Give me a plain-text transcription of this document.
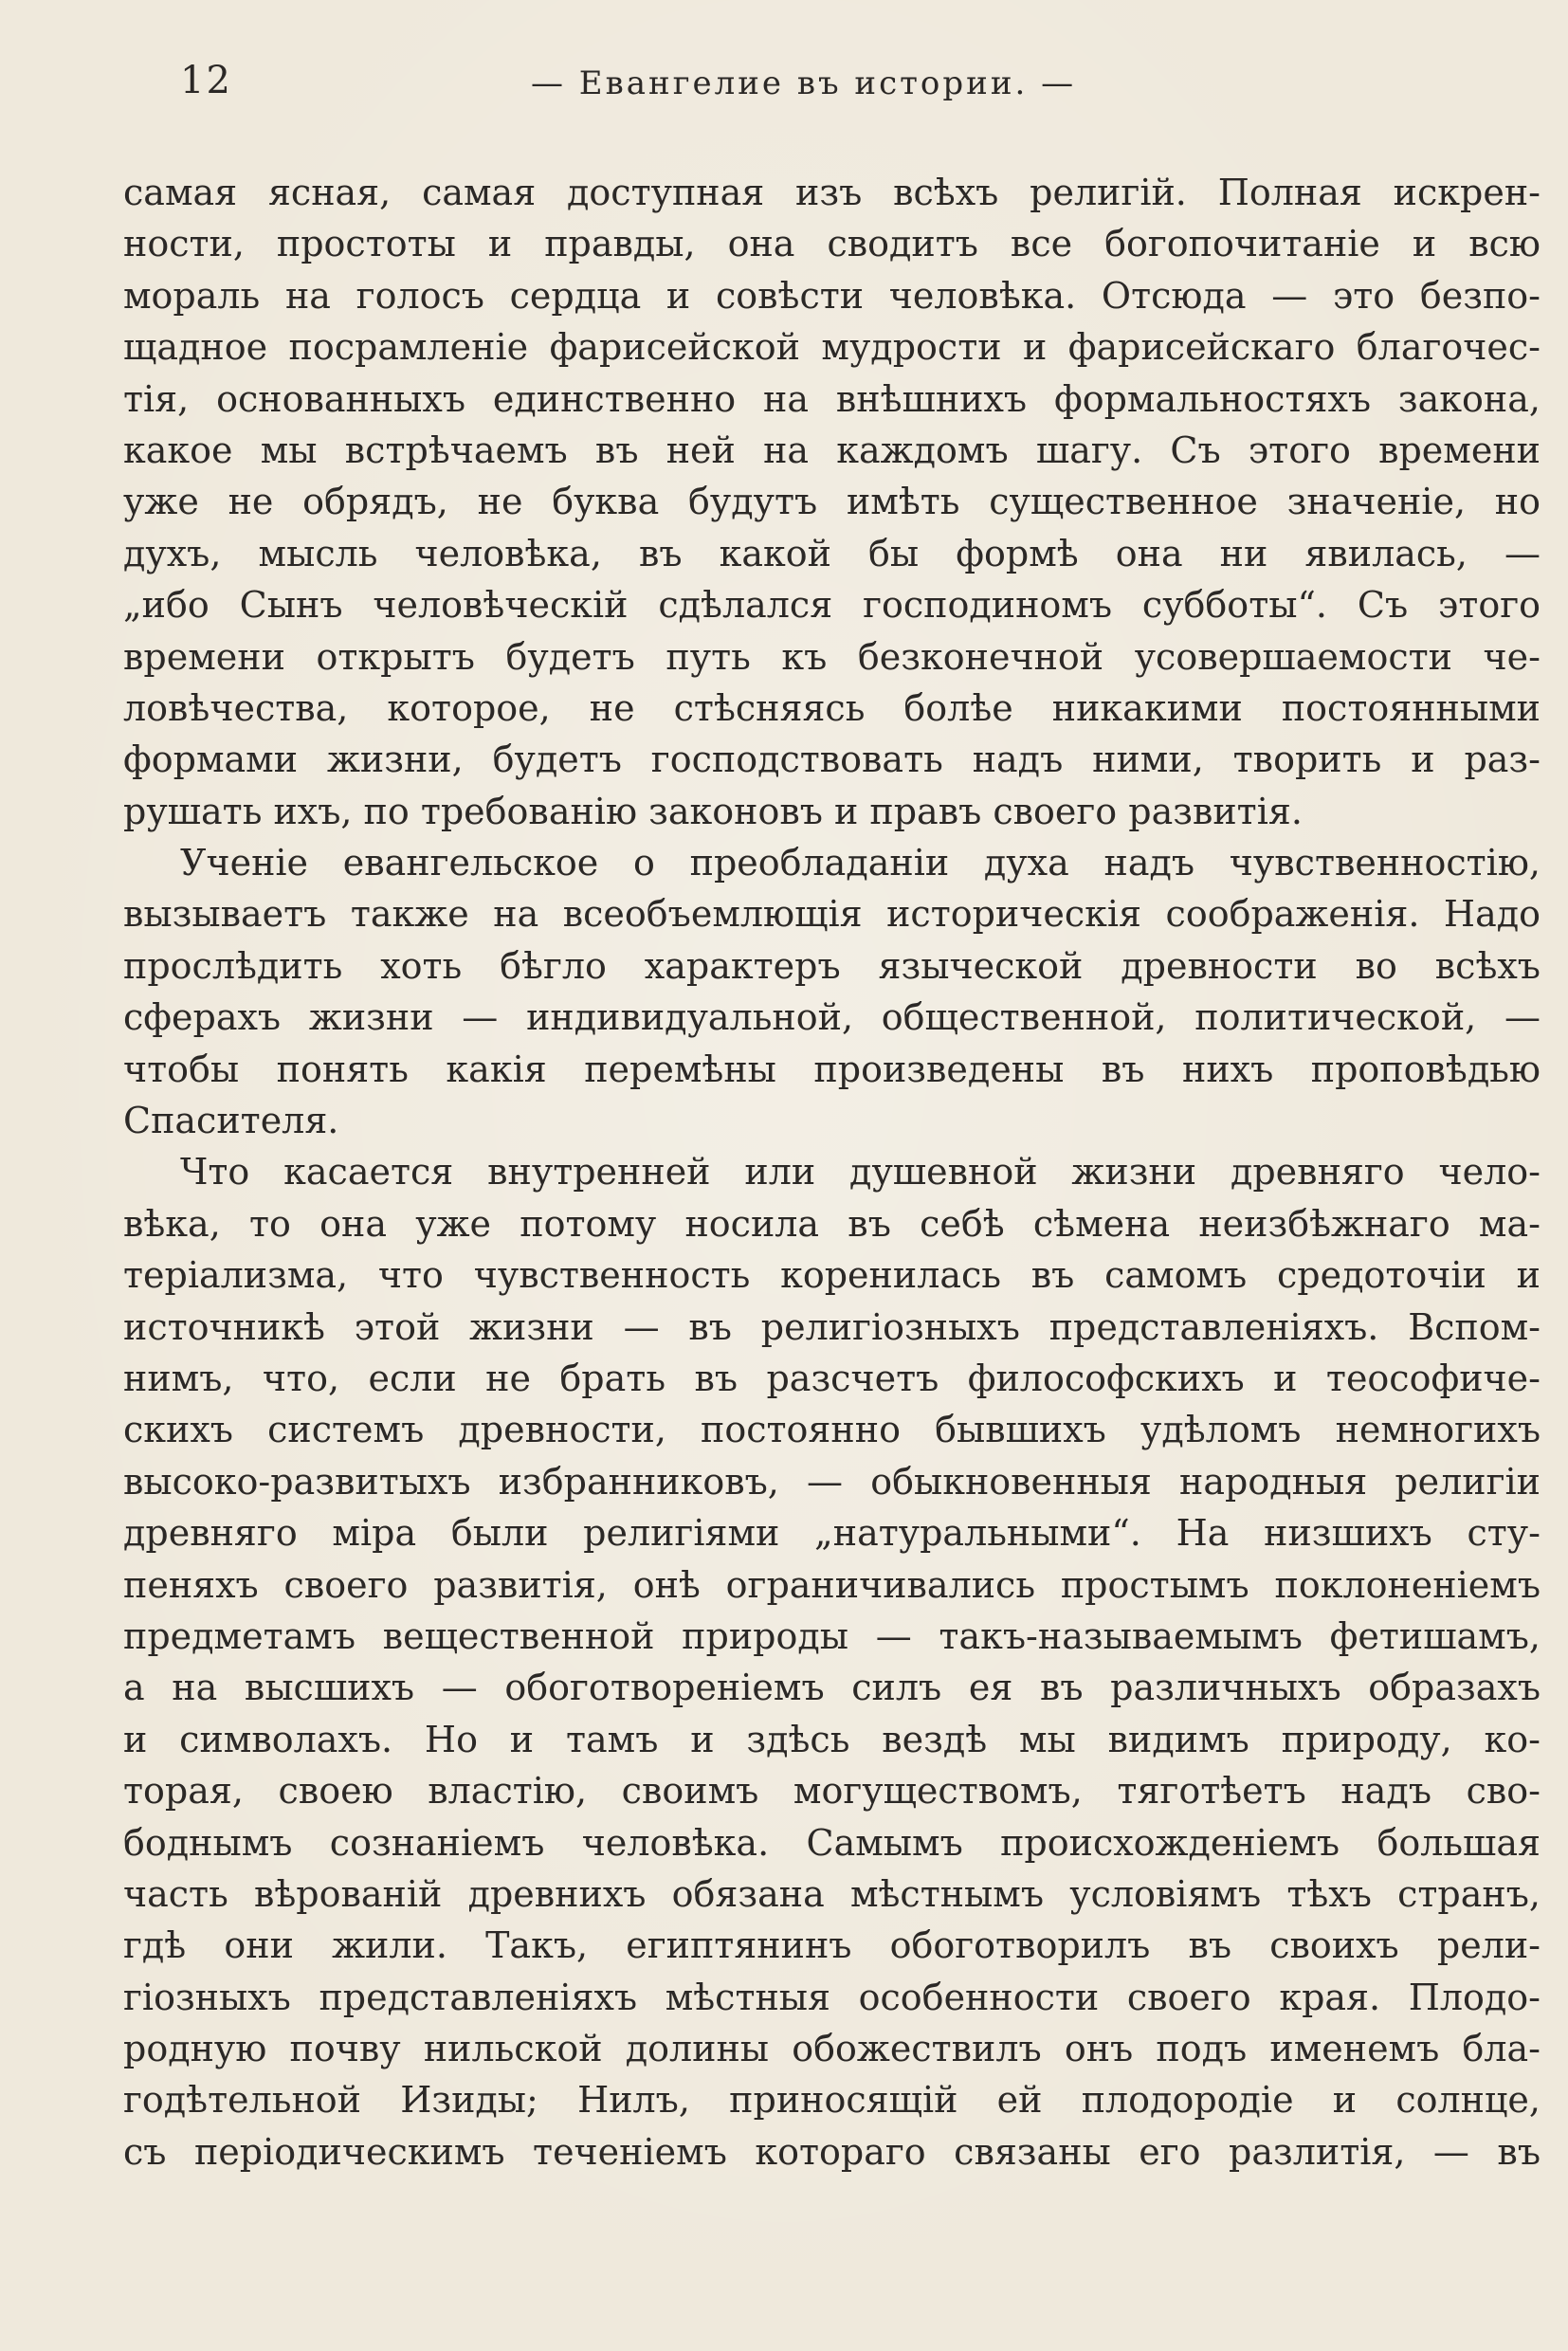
12	— Евангелие въ истории. —
самая ясная, самая доступная изъ всѣхъ религій. Полная искрен-
ности, простоты и правды, она сводитъ все богопочитаніе и всю
мораль на голосъ сердца и совѣсти человѣка. Отсюда — это безпо-
щадное посрамленіе фарисейской мудрости и фарисейскаго благочес-
тія, основанныхъ единственно на внѣшнихъ формальностяхъ закона,
какое мы встрѣчаемъ въ ней на каждомъ шагу. Съ этого времени
уже не обрядъ, не буква будутъ имѣть существенное значеніе, но
духъ, мысль человѣка, въ какой бы формѣ она ни явилась, —
„ибо Сынъ человѣческій сдѣлался господиномъ субботы“. Съ этого
времени открытъ будетъ путь къ безконечной усовершаемости че-
ловѣчества, которое, не стѣсняясь болѣе никакими постоянными
формами жизни, будетъ господствовать надъ ними, творить и раз-
рушать ихъ, по требованію законовъ и правъ своего развитія.
Ученіе евангельское о преобладаніи духа надъ чувственностію,
вызываетъ также на всеобъемлющія историческія соображенія. Надо
прослѣдить хоть бѣгло характеръ языческой древности во всѣхъ
сферахъ жизни — индивидуальной, общественной, политической, —
чтобы понять какія перемѣны произведены въ нихъ проповѣдью
Спасителя.
Что касается внутренней или душевной жизни древняго чело-
вѣка, то она уже потому носила въ себѣ сѣмена неизбѣжнаго ма-
теріализма, что чувственность коренилась въ самомъ средоточіи и
источникѣ этой жизни — въ религіозныхъ представленіяхъ. Вспом-
нимъ, что, если не брать въ разсчетъ философскихъ и теософиче-
скихъ системъ древности, постоянно бывшихъ удѣломъ немногихъ
высоко-развитыхъ избранниковъ, — обыкновенныя народныя религіи
древняго міра были религіями „натуральными“. На низшихъ сту-
пеняхъ своего развитія, онѣ ограничивались простымъ поклоненіемъ
предметамъ вещественной природы — такъ-называемымъ фетишамъ,
а на высшихъ — обоготвореніемъ силъ ея въ различныхъ образахъ
и символахъ. Но и тамъ и здѣсь вездѣ мы видимъ природу, ко-
торая, своею властію, своимъ могуществомъ, тяготѣетъ надъ сво-
боднымъ сознаніемъ человѣка. Самымъ происхожденіемъ большая
часть вѣрованій древнихъ обязана мѣстнымъ условіямъ тѣхъ странъ,
гдѣ они жили. Такъ, египтянинъ обоготворилъ въ своихъ рели-
гіозныхъ представленіяхъ мѣстныя особенности своего края. Плодо-
родную почву нильской долины обожествилъ онъ подъ именемъ бла-
годѣтельной Изиды; Нилъ, приносящій ей плодородіе и солнце,
съ періодическимъ теченіемъ котораго связаны его разлитія, — въ
